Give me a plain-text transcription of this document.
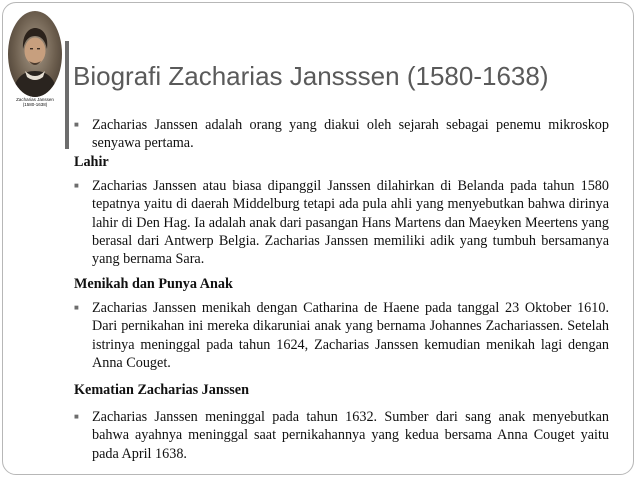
Zacharias Janssen
(1580-1638)
Biografi Zacharias Jansssen (1580-1638)
■ Zacharias Janssen adalah orang yang diakui oleh sejarah sebagai penemu mikroskop senyawa pertama.
Lahir
■ Zacharias Janssen atau biasa dipanggil Janssen dilahirkan di Belanda pada tahun 1580 tepatnya yaitu di daerah Middelburg tetapi ada pula ahli yang menyebutkan bahwa dirinya lahir di Den Hag. Ia adalah anak dari pasangan Hans Martens dan Maeyken Meertens yang berasal dari Antwerp Belgia. Zacharias Janssen memiliki adik yang tumbuh bersamanya yang bernama Sara.
Menikah dan Punya Anak
■ Zacharias Janssen menikah dengan Catharina de Haene pada tanggal 23 Oktober 1610. Dari pernikahan ini mereka dikaruniai anak yang bernama Johannes Zachariassen. Setelah istrinya meninggal pada tahun 1624, Zacharias Janssen kemudian menikah lagi dengan Anna Couget.
Kematian Zacharias Janssen
■ Zacharias Janssen meninggal pada tahun 1632. Sumber dari sang anak menyebutkan bahwa ayahnya meninggal saat pernikahannya yang kedua bersama Anna Couget yaitu pada April 1638.
